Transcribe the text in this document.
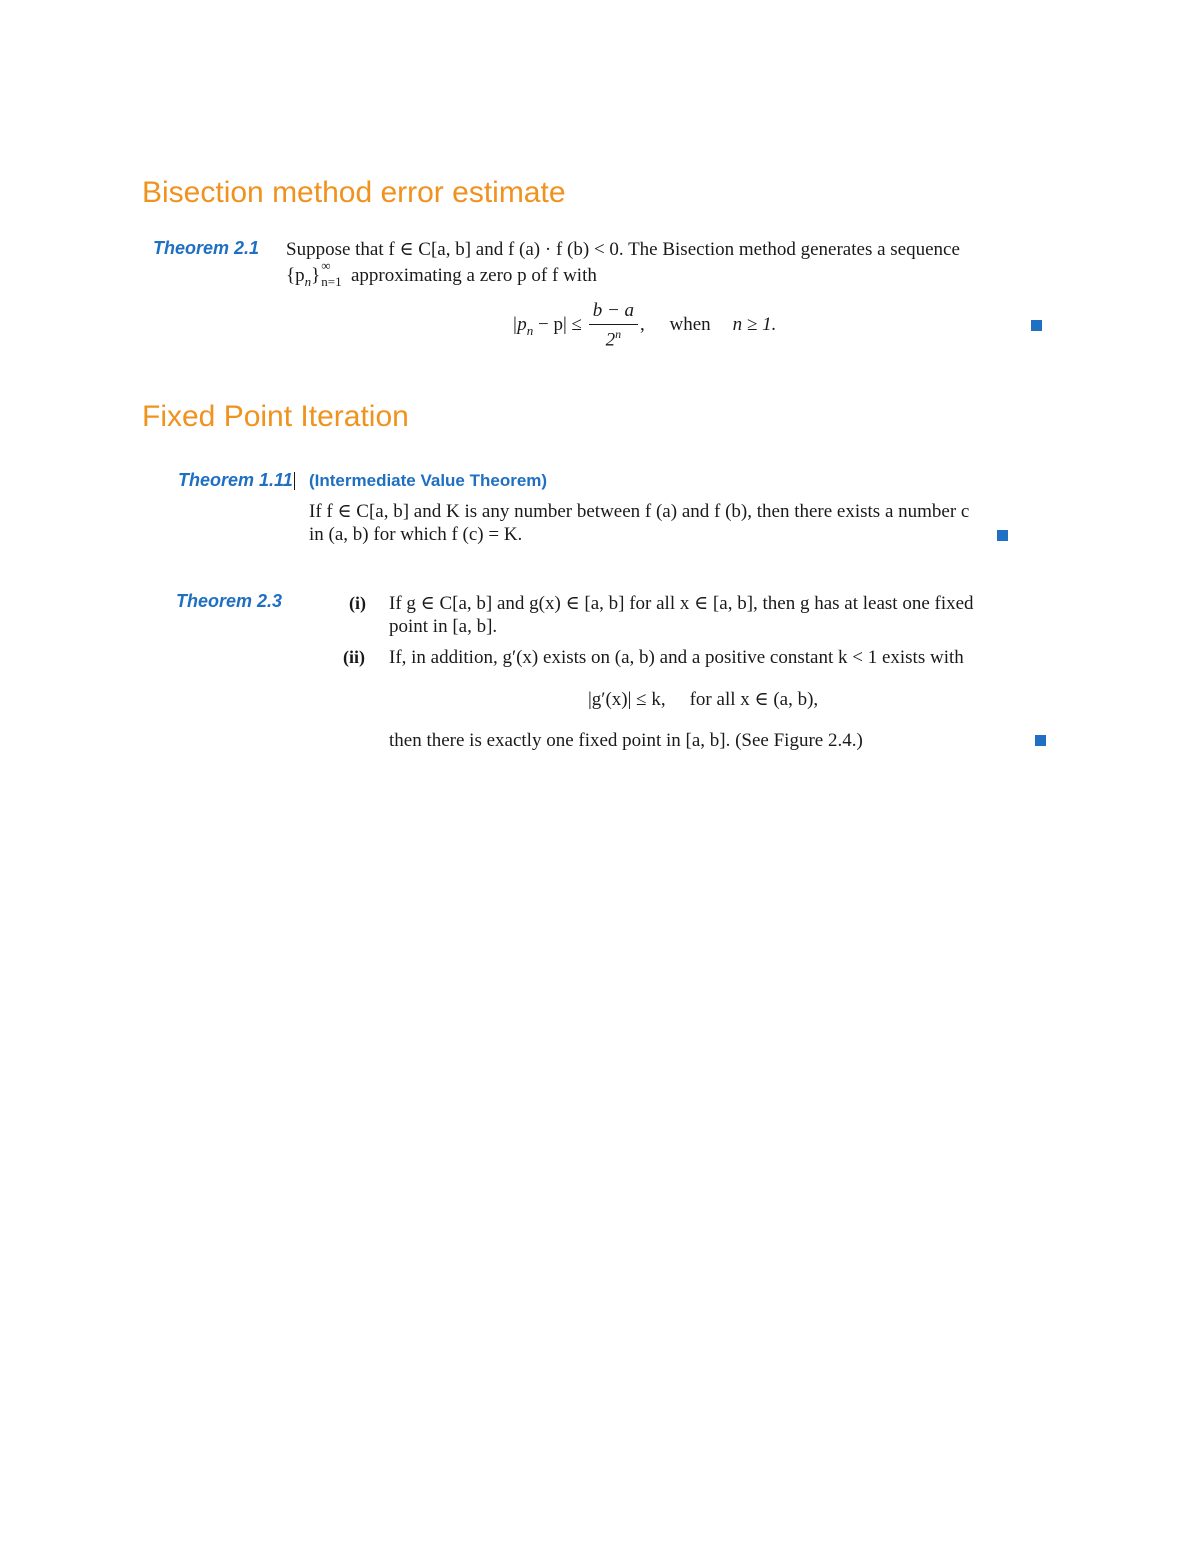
Bisection method error estimate
Theorem 2.1 Suppose that f ∈ C[a, b] and f (a) · f (b) < 0. The Bisection method generates a sequence
$\{p_n\}$ ∞
n=1 approximating a zero p of f with
$|p_n - p| \le \frac{b - a}{2^n}$ , when n ≥ 1.
Fixed Point Iteration
Theorem 1.11 (Intermediate Value Theorem)
If f ∈ C[a, b] and K is any number between f (a) and f (b), then there exists a number c
in (a, b) for which f (c) = K.
Theorem 2.3	(i) If g ∈ C[a, b] and g(x) ∈ [a, b] for all x ∈ [a, b], then g has at least one fixed
point in [a, b].
(ii) If, in addition, g′(x) exists on (a, b) and a positive constant k < 1 exists with
|g′(x)| ≤ k, for all x ∈ (a, b),
then there is exactly one fixed point in [a, b]. (See Figure 2.4.)
